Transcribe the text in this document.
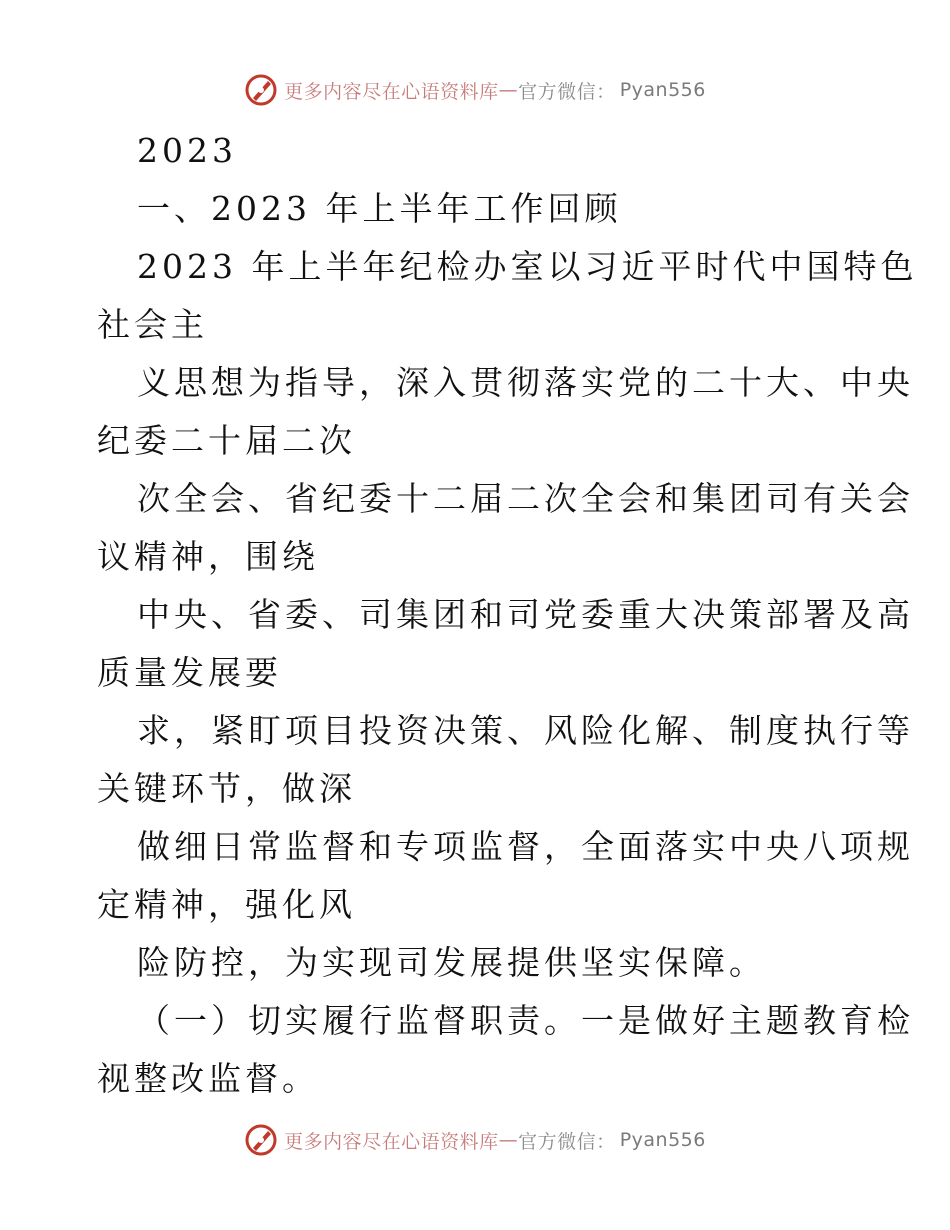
更多内容尽在心语资料库 — 官方微信： Pyan556
2023
一、2023 年上半年工作回顾
2023 年上半年纪检办室以习近平时代中国特色
社会主
义思想为指导，深入贯彻落实党的二十大、中央
纪委二十届二次
次全会、省纪委十二届二次全会和集团司有关会
议精神，围绕
中央、省委、司集团和司党委重大决策部署及高
质量发展要
求，紧盯项目投资决策、风险化解、制度执行等
关键环节，做深
做细日常监督和专项监督，全面落实中央八项规
定精神，强化风
险防控，为实现司发展提供坚实保障。
（一）切实履行监督职责。一是做好主题教育检
视整改监督。
更多内容尽在心语资料库 — 官方微信： Pyan556
